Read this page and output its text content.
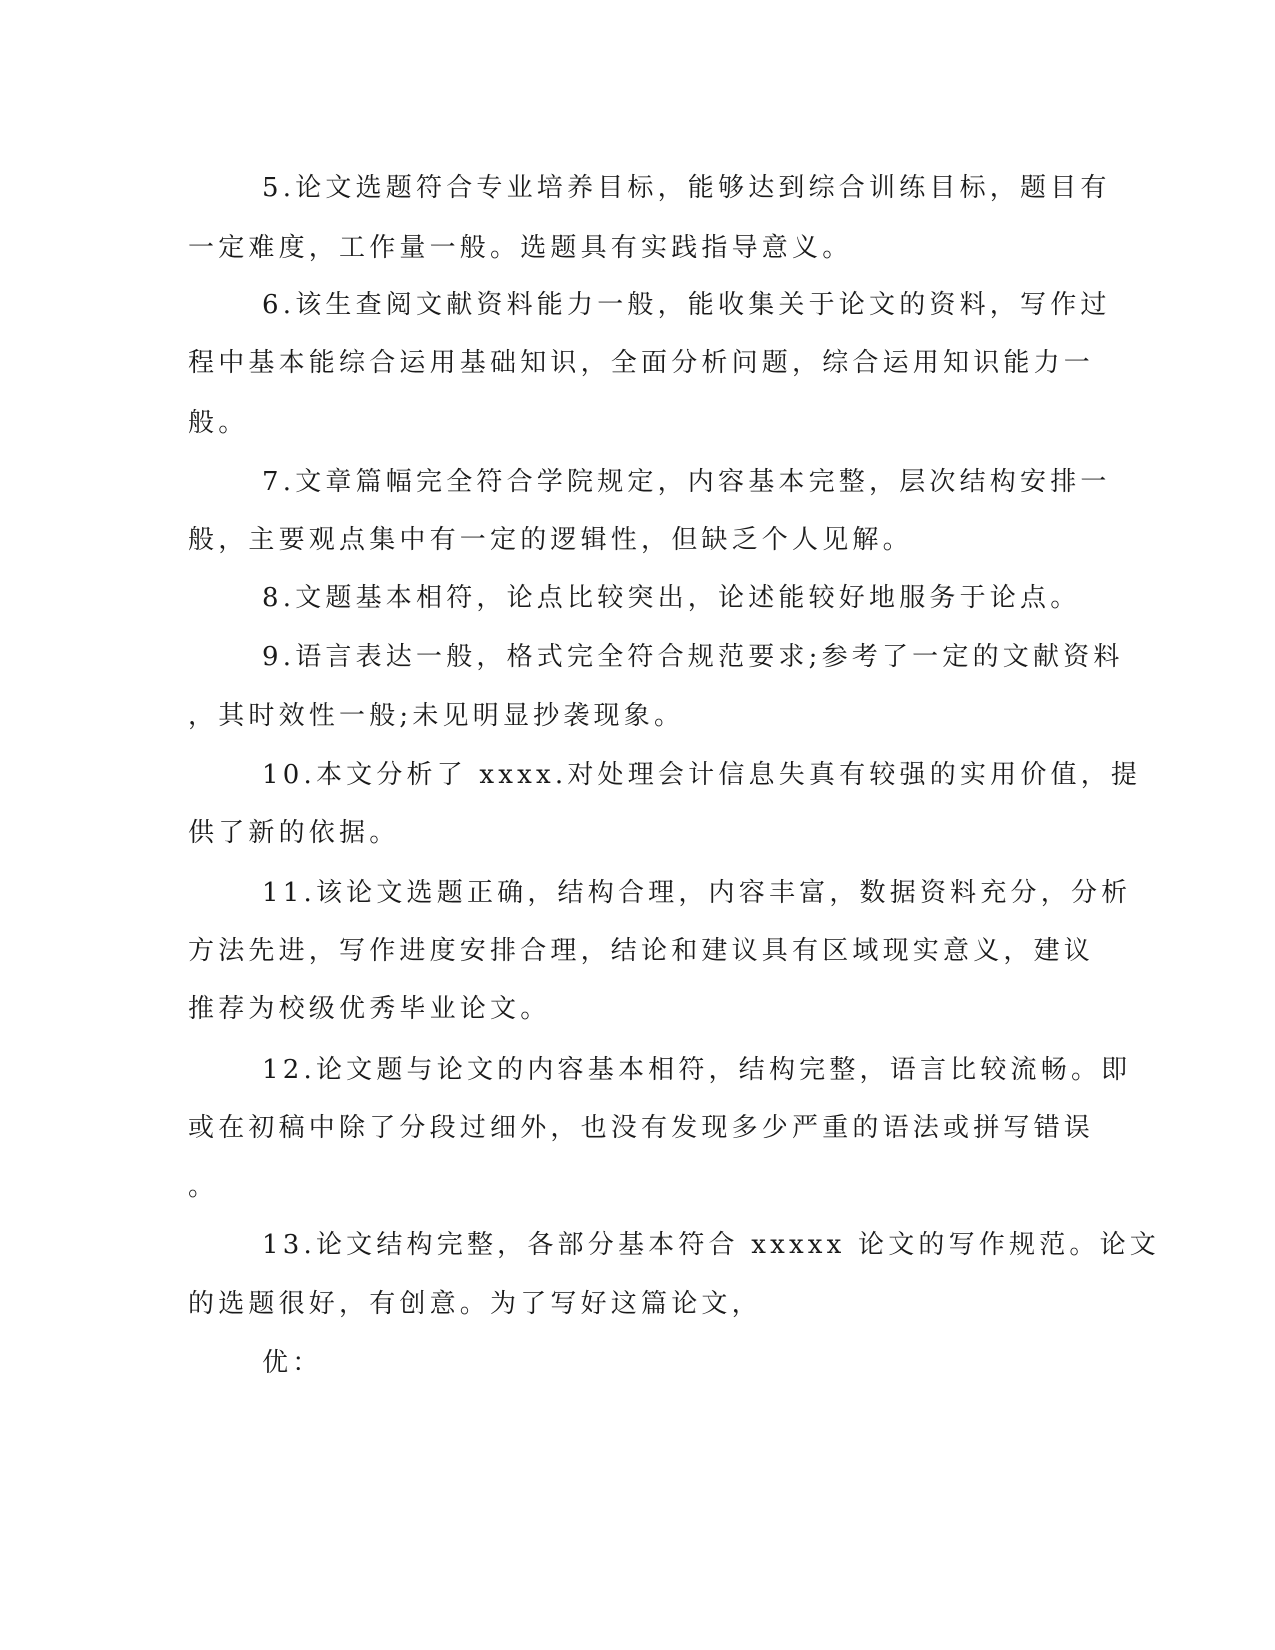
5.论文选题符合专业培养目标，能够达到综合训练目标，题目有
一定难度，工作量一般。选题具有实践指导意义。
6.该生查阅文献资料能力一般，能收集关于论文的资料，写作过
程中基本能综合运用基础知识，全面分析问题，综合运用知识能力一
般。
7.文章篇幅完全符合学院规定，内容基本完整，层次结构安排一
般，主要观点集中有一定的逻辑性，但缺乏个人见解。
8.文题基本相符，论点比较突出，论述能较好地服务于论点。
9.语言表达一般，格式完全符合规范要求;参考了一定的文献资料
，其时效性一般;未见明显抄袭现象。
10.本文分析了 xxxx.对处理会计信息失真有较强的实用价值，提
供了新的依据。
11.该论文选题正确，结构合理，内容丰富，数据资料充分，分析
方法先进，写作进度安排合理，结论和建议具有区域现实意义，建议
推荐为校级优秀毕业论文。
12.论文题与论文的内容基本相符，结构完整，语言比较流畅。即
或在初稿中除了分段过细外，也没有发现多少严重的语法或拼写错误
。
13.论文结构完整，各部分基本符合 xxxxx 论文的写作规范。论文
的选题很好，有创意。为了写好这篇论文，
优：
